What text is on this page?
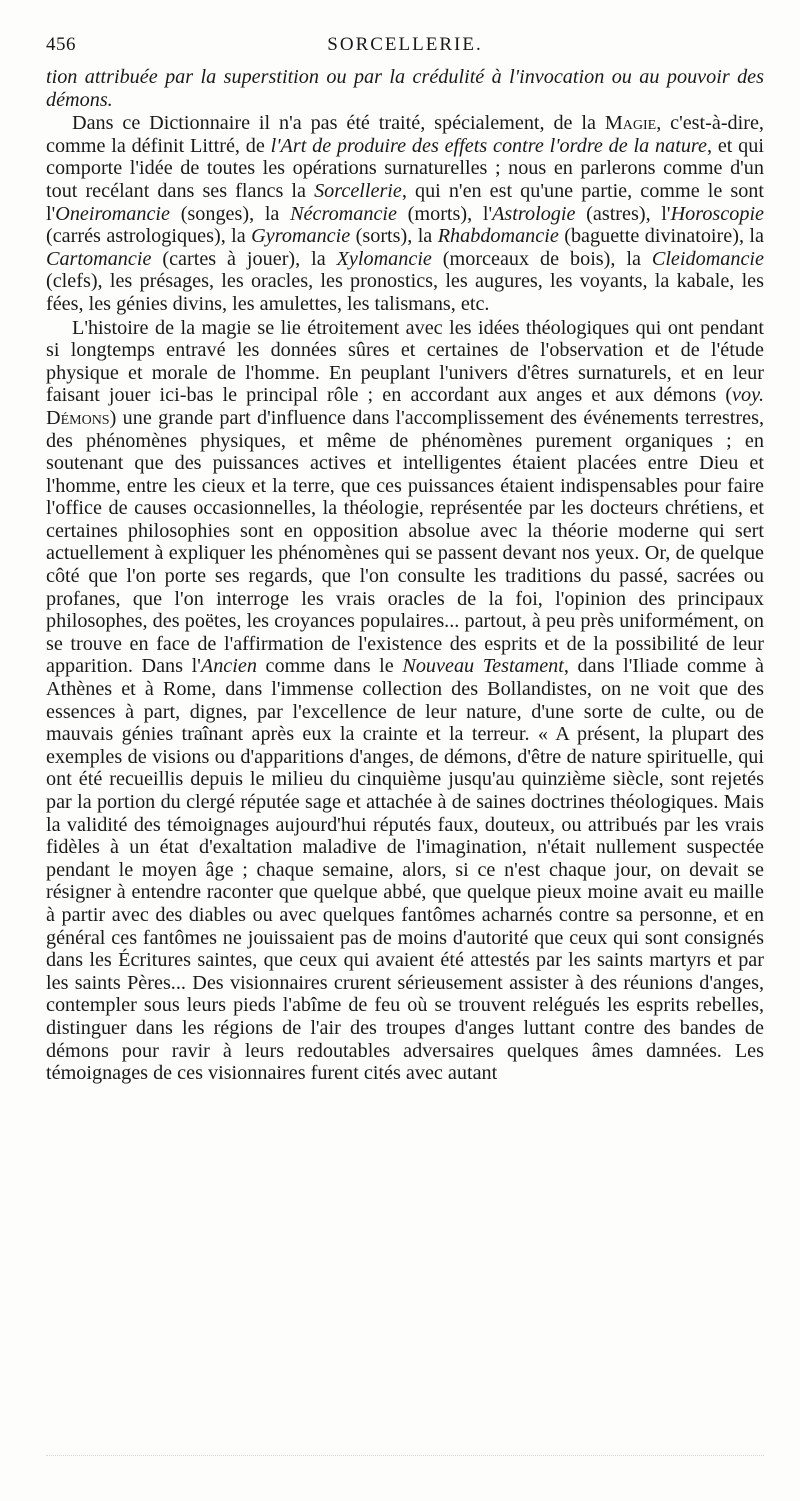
456	SORCELLERIE.

tion attribuée par la superstition ou par la crédulité à l'invocation ou au pouvoir des démons.

Dans ce Dictionnaire il n'a pas été traité, spécialement, de la Magie, c'est-à-dire, comme la définit Littré, de l'Art de produire des effets contre l'ordre de la nature, et qui comporte l'idée de toutes les opérations surnaturelles ; nous en parlerons comme d'un tout recélant dans ses flancs la Sorcellerie, qui n'en est qu'une partie, comme le sont l'Oneiromancie (songes), la Nécromancie (morts), l'Astrologie (astres), l'Horoscopie (carrés astrologiques), la Gyromancie (sorts), la Rhabdomancie (baguette divinatoire), la Cartomancie (cartes à jouer), la Xylomancie (morceaux de bois), la Cleidomancie (clefs), les présages, les oracles, les pronostics, les augures, les voyants, la kabale, les fées, les génies divins, les amulettes, les talismans, etc.

L'histoire de la magie se lie étroitement avec les idées théologiques qui ont pendant si longtemps entravé les données sûres et certaines de l'observation et de l'étude physique et morale de l'homme. En peuplant l'univers d'êtres surnaturels, et en leur faisant jouer ici-bas le principal rôle ; en accordant aux anges et aux démons (voy. Démons) une grande part d'influence dans l'accomplissement des événements terrestres, des phénomènes physiques, et même de phénomènes purement organiques ; en soutenant que des puissances actives et intelligentes étaient placées entre Dieu et l'homme, entre les cieux et la terre, que ces puissances étaient indispensables pour faire l'office de causes occasionnelles, la théologie, représentée par les docteurs chrétiens, et certaines philosophies sont en opposition absolue avec la théorie moderne qui sert actuellement à expliquer les phénomènes qui se passent devant nos yeux. Or, de quelque côté que l'on porte ses regards, que l'on consulte les traditions du passé, sacrées ou profanes, que l'on interroge les vrais oracles de la foi, l'opinion des principaux philosophes, des poëtes, les croyances populaires... partout, à peu près uniformément, on se trouve en face de l'affirmation de l'existence des esprits et de la possibilité de leur apparition. Dans l'Ancien comme dans le Nouveau Testament, dans l'Iliade comme à Athènes et à Rome, dans l'immense collection des Bollandistes, on ne voit que des essences à part, dignes, par l'excellence de leur nature, d'une sorte de culte, ou de mauvais génies traînant après eux la crainte et la terreur. « A présent, la plupart des exemples de visions ou d'apparitions d'anges, de démons, d'être de nature spirituelle, qui ont été recueillis depuis le milieu du cinquième jusqu'au quinzième siècle, sont rejetés par la portion du clergé réputée sage et attachée à de saines doctrines théologiques. Mais la validité des témoignages aujourd'hui réputés faux, douteux, ou attribués par les vrais fidèles à un état d'exaltation maladive de l'imagination, n'était nullement suspectée pendant le moyen âge ; chaque semaine, alors, si ce n'est chaque jour, on devait se résigner à entendre raconter que quelque abbé, que quelque pieux moine avait eu maille à partir avec des diables ou avec quelques fantômes acharnés contre sa personne, et en général ces fantômes ne jouissaient pas de moins d'autorité que ceux qui sont consignés dans les Écritures saintes, que ceux qui avaient été attestés par les saints martyrs et par les saints Pères... Des visionnaires crurent sérieusement assister à des réunions d'anges, contempler sous leurs pieds l'abîme de feu où se trouvent relégués les esprits rebelles, distinguer dans les régions de l'air des troupes d'anges luttant contre des bandes de démons pour ravir à leurs redoutables adversaires quelques âmes damnées. Les témoignages de ces visionnaires furent cités avec autant
